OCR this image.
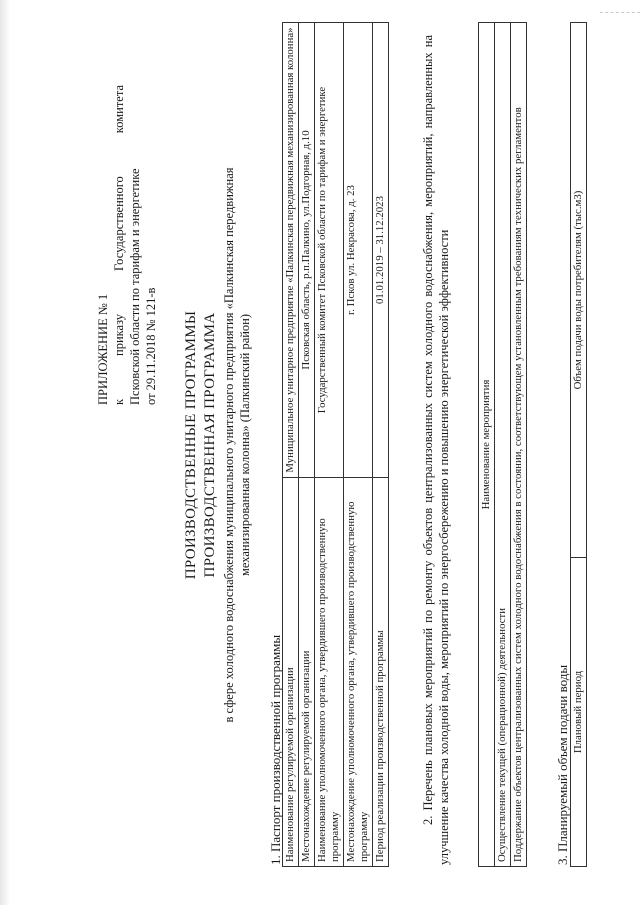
ПРИЛОЖЕНИЕ № 1 к
приказу
Государственного
комитета
Псковской области по тарифам и энергетике от 29.11.2018 № 121-в ПРОИЗВОДСТВЕННЫЕ ПРОГРАММЫ ПРОИЗВОДСТВЕННАЯ ПРОГРАММА в сфере холодного водоснабжения муниципального унитарного предприятия «Палкинская передвижная механизированная колонна» (Палкинский район)
1. Паспорт производственной программы Наименование регулируемой организации	Муниципальное унитарное предприятие «Палкинская передвижная механизированная колонна»
Местонахождение регулируемой организации	Псковская область, р.п.Палкино, ул.Подгорная, д.10
Наименование уполномоченного органа, утвердившего производственную программу	Государственный комитет Псковской области по тарифам и энергетике
Местонахождение уполномоченного органа, утвердившего производственную программу	г. Псков ул. Некрасова, д. 23
Период реализации производственной программы	01.01.2019 – 31.12.2023	2. Перечень плановых мероприятий по ремонту объектов централизованных систем холодного водоснабжения, мероприятий, направленных на улучшение качества холодной воды, мероприятий по энергосбережению и повышению энергетической эффективности	Наименование мероприятия
Осуществление текущей (операционной) деятельности
Поддержание объектов централизованных систем холодного водоснабжения в состоянии, соответствующем установленным требованиям технических регламентов 3. Планируемый объем подачи воды Плановый период	Объем подачи воды потребителям (тыс.м3)
